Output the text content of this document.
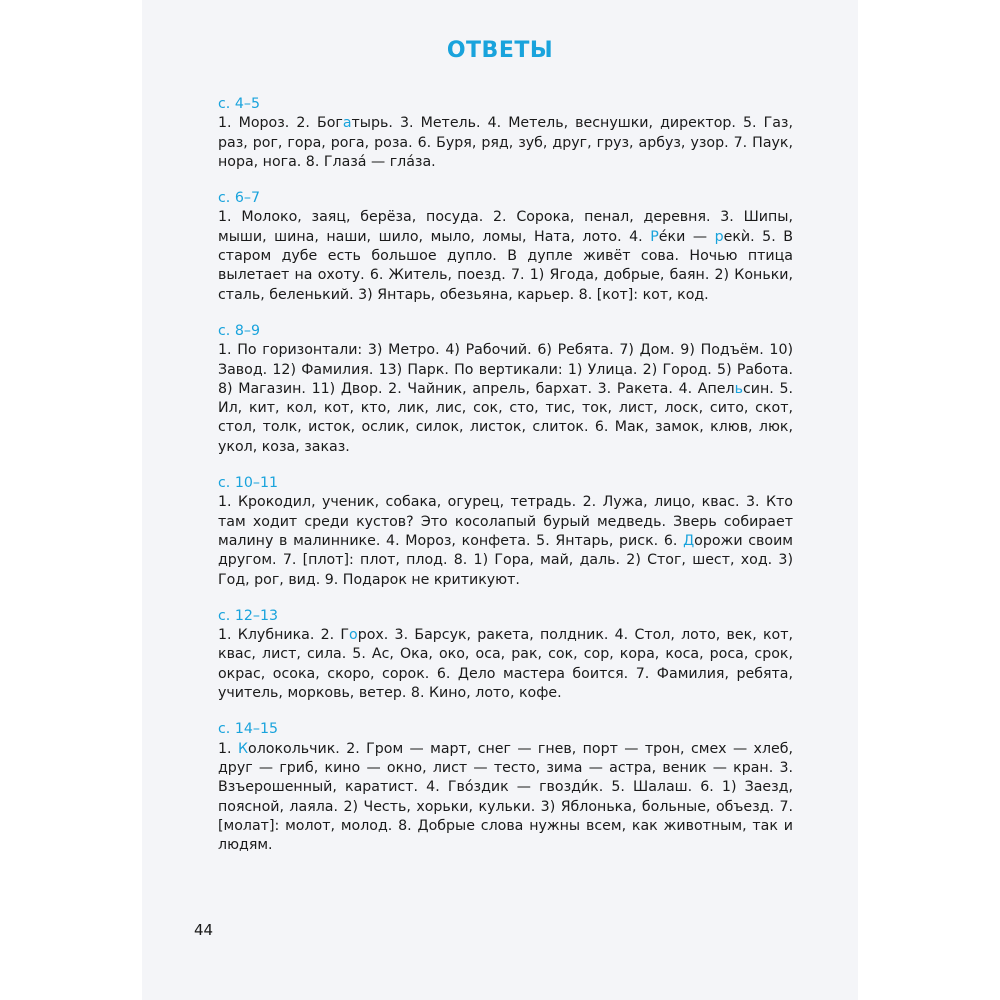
ОТВЕТЫ

с. 4–5

1. Мороз. 2. Богатырь. 3. Метель. 4. Метель, веснушки, директор. 5. Газ, раз, рог, гора, рога, роза. 6. Буря, ряд, зуб, друг, груз, арбуз, узор. 7. Паук, нора, нога. 8. Глаза́ — гла́за.

с. 6–7

1. Молоко, заяц, берёза, посуда. 2. Сорока, пенал, деревня. 3. Шипы, мыши, шина, наши, шило, мыло, ломы, Ната, лото. 4. Ре́ки — рекѝ. 5. В старом дубе есть большое дупло. В дупле живёт сова. Ночью птица вылетает на охоту. 6. Житель, поезд. 7. 1) Ягода, добрые, баян. 2) Коньки, сталь, беленький. 3) Янтарь, обезьяна, карьер. 8. [кот]: кот, код.

с. 8–9

1. По горизонтали: 3) Метро. 4) Рабочий. 6) Ребята. 7) Дом. 9) Подъём. 10) Завод. 12) Фамилия. 13) Парк. По вертикали: 1) Улица. 2) Город. 5) Работа. 8) Магазин. 11) Двор. 2. Чайник, апрель, бархат. 3. Ракета. 4. Апельсин. 5. Ил, кит, кол, кот, кто, лик, лис, сок, сто, тис, ток, лист, лоск, сито, скот, стол, толк, исток, ослик, силок, листок, слиток. 6. Мак, замок, клюв, люк, укол, коза, заказ.

с. 10–11

1. Крокодил, ученик, собака, огурец, тетрадь. 2. Лужа, лицо, квас. 3. Кто там ходит среди кустов? Это косолапый бурый медведь. Зверь собирает малину в малиннике. 4. Мороз, конфета. 5. Янтарь, риск. 6. Дорожи своим другом. 7. [плот]: плот, плод. 8. 1) Гора, май, даль. 2) Стог, шест, ход. 3) Год, рог, вид. 9. Подарок не критикуют.

с. 12–13

1. Клубника. 2. Горох. 3. Барсук, ракета, полдник. 4. Стол, лото, век, кот, квас, лист, сила. 5. Ас, Ока, око, оса, рак, сок, сор, кора, коса, роса, срок, окрас, осока, скоро, сорок. 6. Дело мастера боится. 7. Фамилия, ребята, учитель, морковь, ветер. 8. Кино, лото, кофе.

с. 14–15

1. Колокольчик. 2. Гром — март, снег — гнев, порт — трон, смех — хлеб, друг — гриб, кино — окно, лист — тесто, зима — астра, веник — кран. 3. Взъерошенный, каратист. 4. Гво́здик — гвозди́к. 5. Шалаш. 6. 1) Заезд, поясной, лаяла. 2) Честь, хорьки, кульки. 3) Яблонька, больные, объезд. 7. [молат]: молот, молод. 8. Добрые слова нужны всем, как животным, так и людям.

44
